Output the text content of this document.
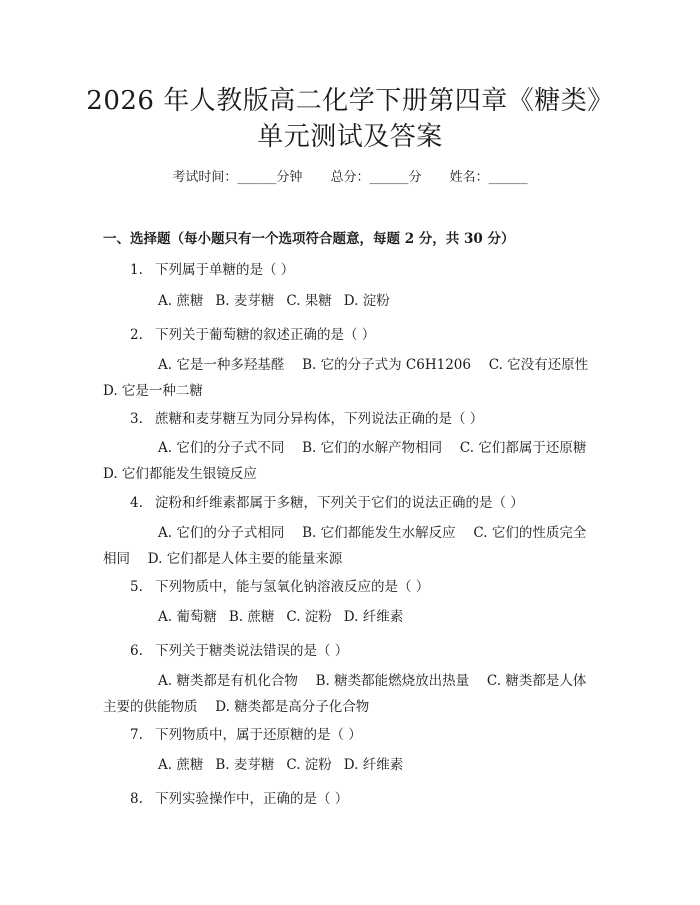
2026 年人教版高二化学下册第四章《糖类》
单元测试及答案
考试时间：______分钟 总分：______分 姓名：______
一、选择题（每小题只有一个选项符合题意，每题 2 分，共 30 分）
1. 下列属于单糖的是（ ）
A. 蔗糖 B. 麦芽糖 C. 果糖 D. 淀粉
2. 下列关于葡萄糖的叙述正确的是（ ）
A. 它是一种多羟基醛　 B. 它的分子式为 C6H1206　 C. 它没有还原性　 D. 它是一种二糖
3. 蔗糖和麦芽糖互为同分异构体，下列说法正确的是（ ）
A. 它们的分子式不同　 B. 它们的水解产物相同　 C. 它们都属于还原糖　 D. 它们都能发生银镜反应
4. 淀粉和纤维素都属于多糖，下列关于它们的说法正确的是（ ）
A. 它们的分子式相同　 B. 它们都能发生水解反应　 C. 它们的性质完全相同　 D. 它们都是人体主要的能量来源
5. 下列物质中，能与氢氧化钠溶液反应的是（ ）
A. 葡萄糖 B. 蔗糖 C. 淀粉 D. 纤维素
6. 下列关于糖类说法错误的是（ ）
A. 糖类都是有机化合物　 B. 糖类都能燃烧放出热量　 C. 糖类都是人体主要的供能物质　 D. 糖类都是高分子化合物
7. 下列物质中，属于还原糖的是（ ）
A. 蔗糖 B. 麦芽糖 C. 淀粉 D. 纤维素
8. 下列实验操作中，正确的是（ ）
